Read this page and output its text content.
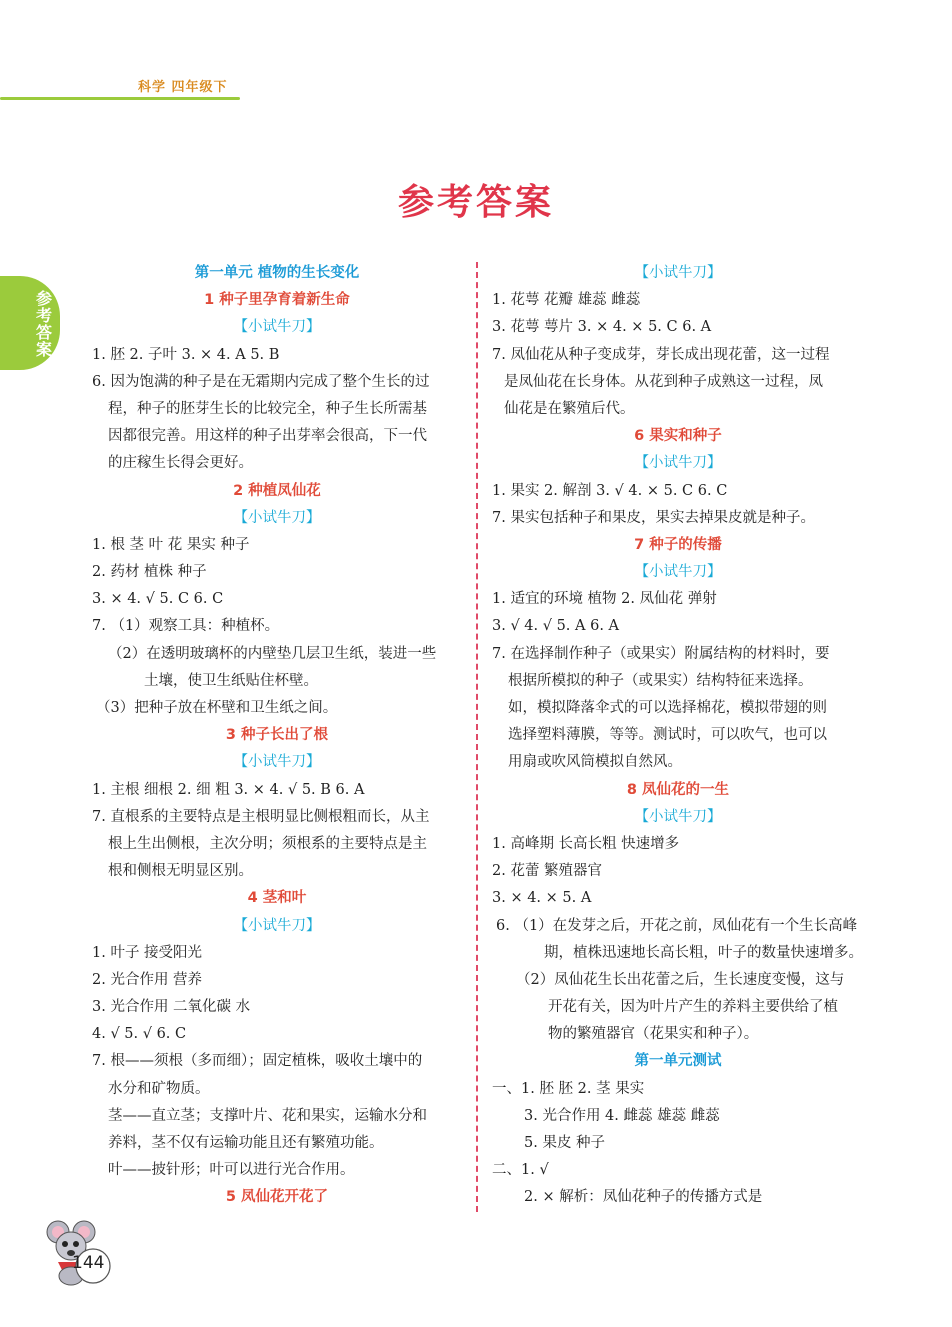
科学 四年级下
参考答案
参考答案
第一单元 植物的生长变化
1 种子里孕育着新生命
【小试牛刀】
1. 胚 2. 子叶 3. × 4. A 5. B
6. 因为饱满的种子是在无霜期内完成了整个生长的过
程，种子的胚芽生长的比较完全，种子生长所需基
因都很完善。用这样的种子出芽率会很高，下一代
的庄稼生长得会更好。
2 种植凤仙花
【小试牛刀】
1. 根 茎 叶 花 果实 种子
2. 药材 植株 种子
3. × 4. √ 5. C 6. C
7. （1）观察工具：种植杯。
（2）在透明玻璃杯的内壁垫几层卫生纸，装进一些
土壤，使卫生纸贴住杯壁。
（3）把种子放在杯壁和卫生纸之间。
3 种子长出了根
【小试牛刀】
1. 主根 细根 2. 细 粗 3. × 4. √ 5. B 6. A
7. 直根系的主要特点是主根明显比侧根粗而长，从主
根上生出侧根，主次分明；须根系的主要特点是主
根和侧根无明显区别。
4 茎和叶
【小试牛刀】
1. 叶子 接受阳光
2. 光合作用 营养
3. 光合作用 二氧化碳 水
4. √ 5. √ 6. C
7. 根——须根（多而细）；固定植株，吸收土壤中的
水分和矿物质。
茎——直立茎；支撑叶片、花和果实，运输水分和
养料，茎不仅有运输功能且还有繁殖功能。
叶——披针形；叶可以进行光合作用。
5 凤仙花开花了
【小试牛刀】
1. 花萼 花瓣 雄蕊 雌蕊
3. 花萼 萼片 3. × 4. × 5. C 6. A
7. 凤仙花从种子变成芽，芽长成出现花蕾，这一过程
是凤仙花在长身体。从花到种子成熟这一过程，凤
仙花是在繁殖后代。
6 果实和种子
【小试牛刀】
1. 果实 2. 解剖 3. √ 4. × 5. C 6. C
7. 果实包括种子和果皮，果实去掉果皮就是种子。
7 种子的传播
【小试牛刀】
1. 适宜的环境 植物 2. 凤仙花 弹射
3. √ 4. √ 5. A 6. A
7. 在选择制作种子（或果实）附属结构的材料时，要
根据所模拟的种子（或果实）结构特征来选择。
如，模拟降落伞式的可以选择棉花，模拟带翅的则
选择塑料薄膜，等等。测试时，可以吹气，也可以
用扇或吹风筒模拟自然风。
8 凤仙花的一生
【小试牛刀】
1. 高峰期 长高长粗 快速增多
2. 花蕾 繁殖器官
3. × 4. × 5. A
6. （1）在发芽之后，开花之前，凤仙花有一个生长高峰
期，植株迅速地长高长粗，叶子的数量快速增多。
（2）凤仙花生长出花蕾之后，生长速度变慢，这与
开花有关，因为叶片产生的养料主要供给了植
物的繁殖器官（花果实和种子）。
第一单元测试
一、1. 胚 胚 2. 茎 果实
3. 光合作用 4. 雌蕊 雄蕊 雌蕊
5. 果皮 种子
二、1. √
2. × 解析：凤仙花种子的传播方式是
144
